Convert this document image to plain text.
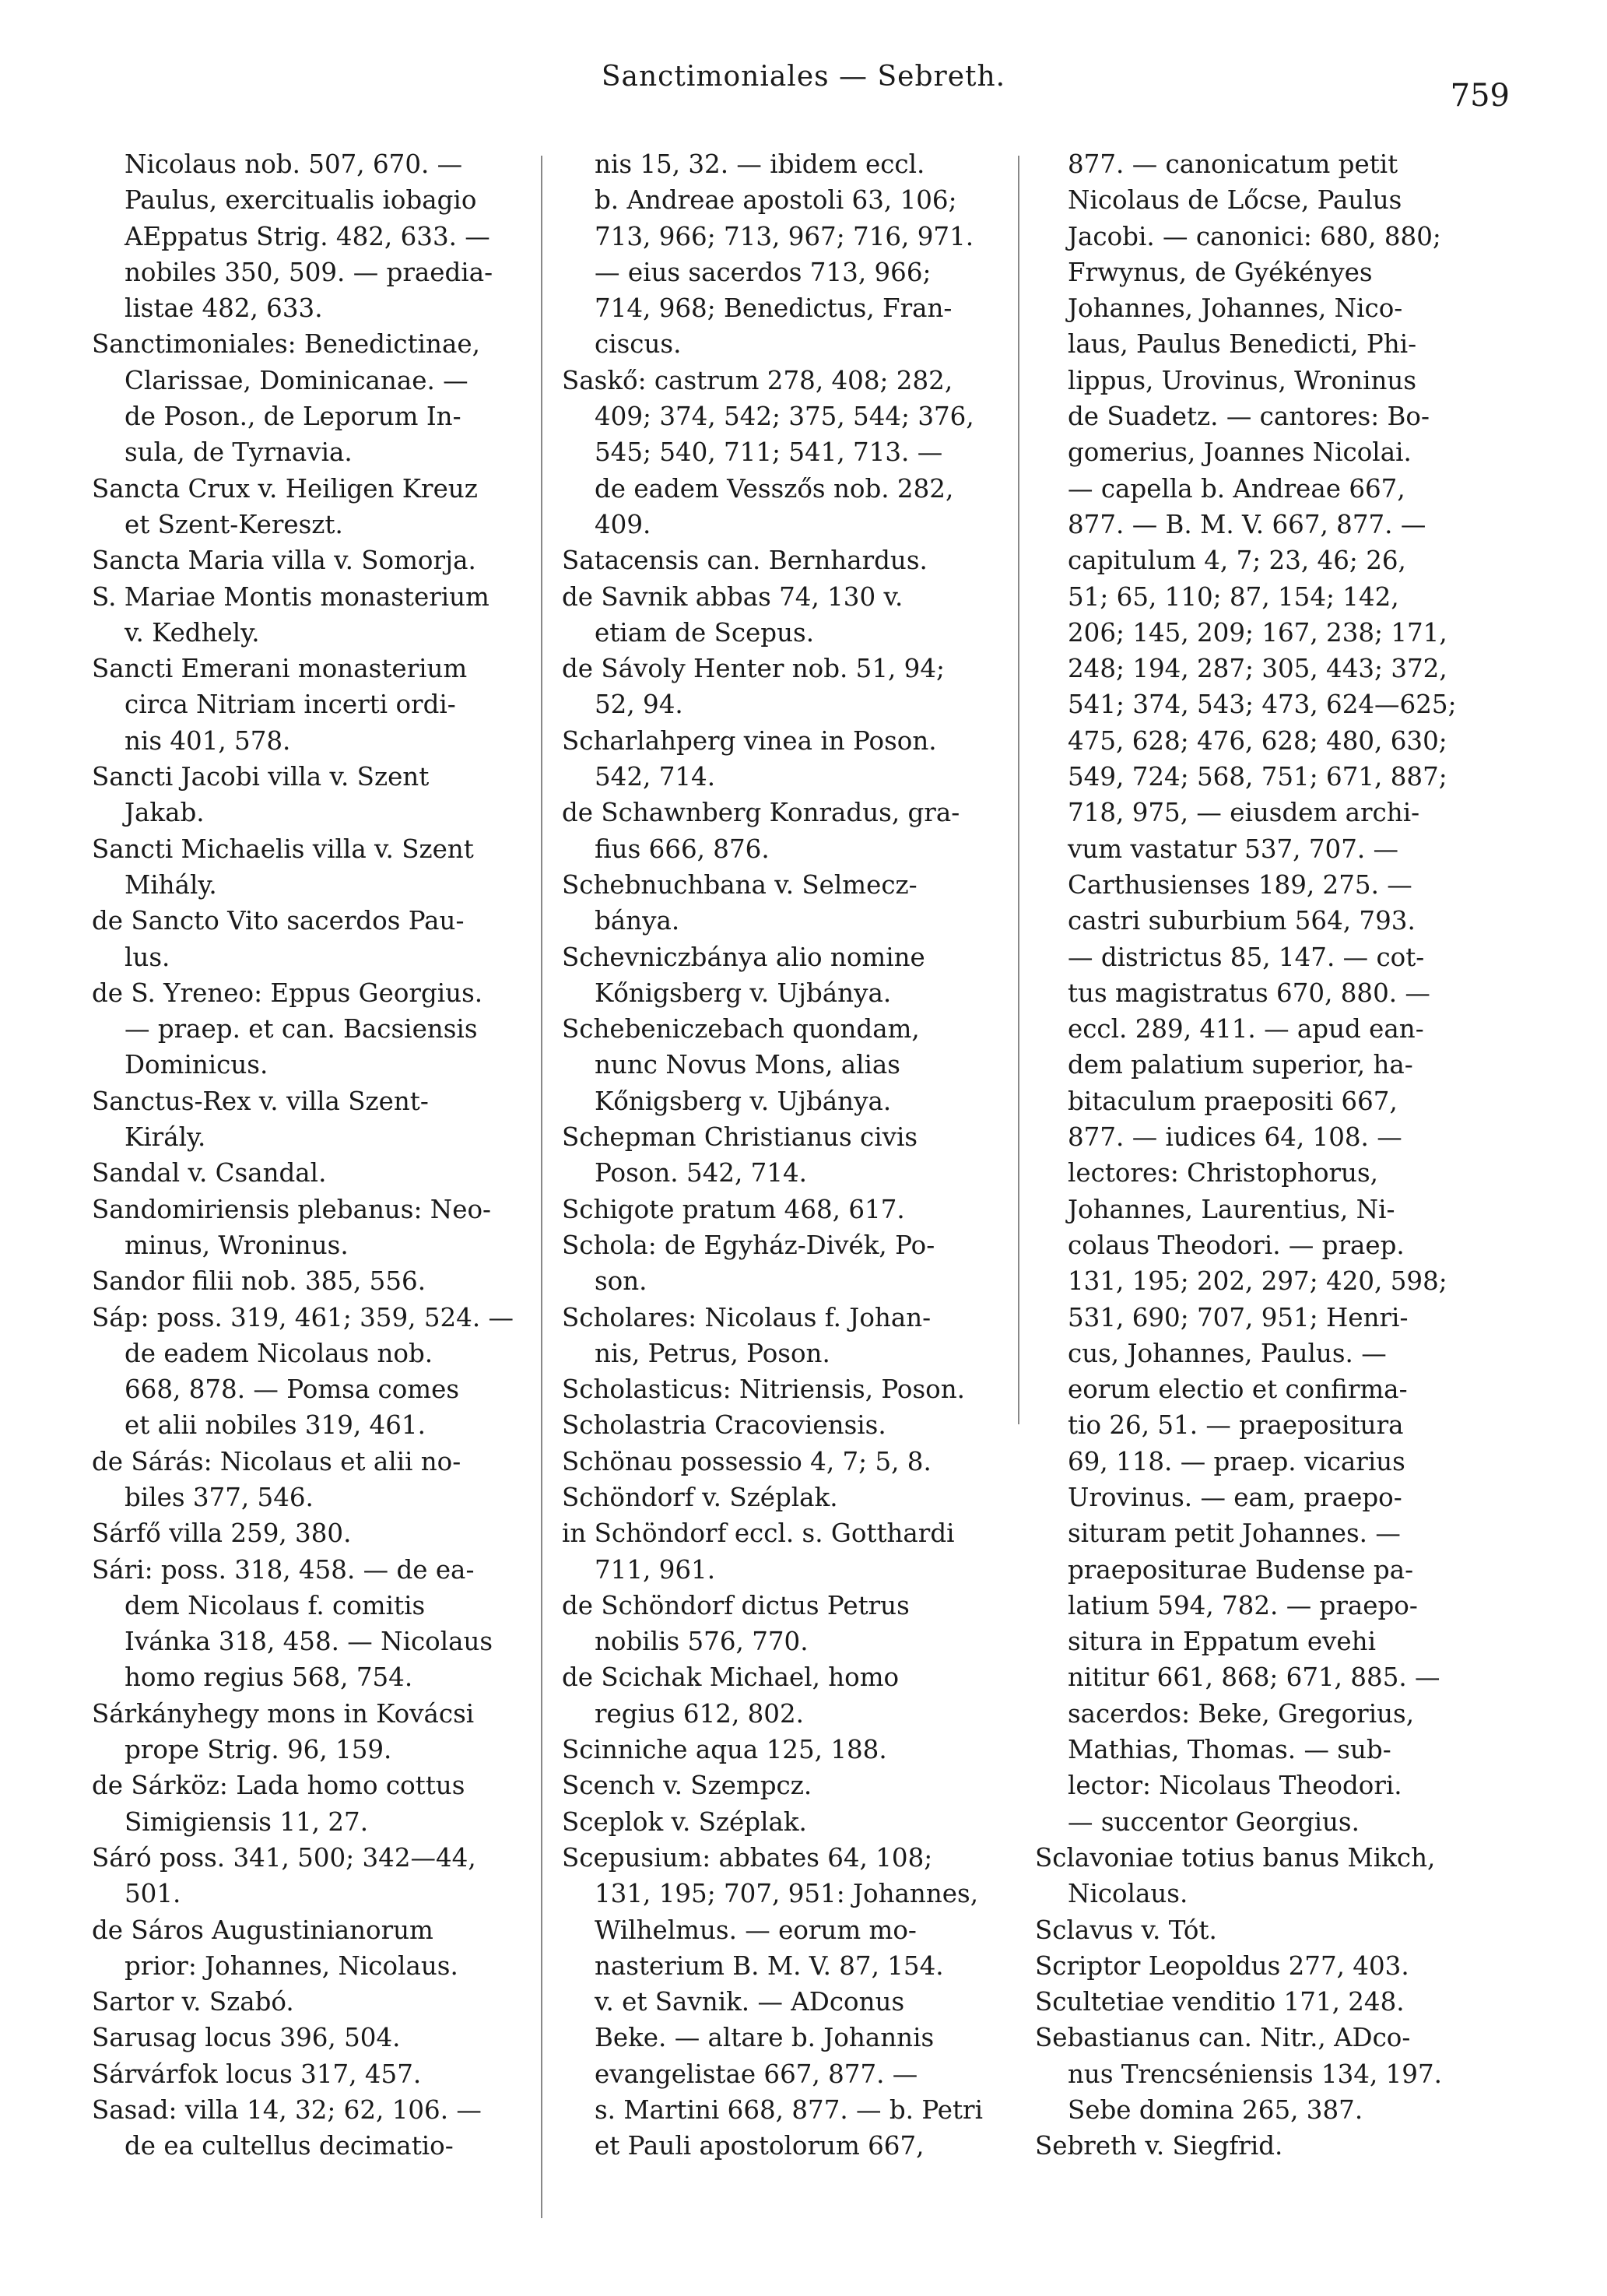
Sanctimoniales — Sebreth.
759
Nicolaus nob. 507, 670. —
Paulus, exercitualis iobagio
AEppatus Strig. 482, 633. —
nobiles 350, 509. — praedia-
listae 482, 633.
Sanctimoniales: Benedictinae,
Clarissae, Dominicanae. —
de Poson., de Leporum In-
sula, de Tyrnavia.
Sancta Crux v. Heiligen Kreuz
et Szent-Kereszt.
Sancta Maria villa v. Somorja.
S. Mariae Montis monasterium
v. Kedhely.
Sancti Emerani monasterium
circa Nitriam incerti ordi-
nis 401, 578.
Sancti Jacobi villa v. Szent
Jakab.
Sancti Michaelis villa v. Szent
Mihály.
de Sancto Vito sacerdos Pau-
lus.
de S. Yreneo: Eppus Georgius.
— praep. et can. Bacsiensis
Dominicus.
Sanctus-Rex v. villa Szent-
Király.
Sandal v. Csandal.
Sandomiriensis plebanus: Neo-
minus, Wroninus.
Sandor filii nob. 385, 556.
Sáp: poss. 319, 461; 359, 524. —
de eadem Nicolaus nob.
668, 878. — Pomsa comes
et alii nobiles 319, 461.
de Sárás: Nicolaus et alii no-
biles 377, 546.
Sárfő villa 259, 380.
Sári: poss. 318, 458. — de ea-
dem Nicolaus f. comitis
Ivánka 318, 458. — Nicolaus
homo regius 568, 754.
Sárkányhegy mons in Kovácsi
prope Strig. 96, 159.
de Sárköz: Lada homo cottus
Simigiensis 11, 27.
Sáró poss. 341, 500; 342—44,
501.
de Sáros Augustinianorum
prior: Johannes, Nicolaus.
Sartor v. Szabó.
Sarusag locus 396, 504.
Sárvárfok locus 317, 457.
Sasad: villa 14, 32; 62, 106. —
de ea cultellus decimatio-
nis 15, 32. — ibidem eccl.
b. Andreae apostoli 63, 106;
713, 966; 713, 967; 716, 971.
— eius sacerdos 713, 966;
714, 968; Benedictus, Fran-
ciscus.
Saskő: castrum 278, 408; 282,
409; 374, 542; 375, 544; 376,
545; 540, 711; 541, 713. —
de eadem Vesszős nob. 282,
409.
Satacensis can. Bernhardus.
de Savnik abbas 74, 130 v.
etiam de Scepus.
de Sávoly Henter nob. 51, 94;
52, 94.
Scharlahperg vinea in Poson.
542, 714.
de Schawnberg Konradus, gra-
fius 666, 876.
Schebnuchbana v. Selmecz-
bánya.
Schevniczbánya alio nomine
Kőnigsberg v. Ujbánya.
Schebeniczebach quondam,
nunc Novus Mons, alias
Kőnigsberg v. Ujbánya.
Schepman Christianus civis
Poson. 542, 714.
Schigote pratum 468, 617.
Schola: de Egyház-Divék, Po-
son.
Scholares: Nicolaus f. Johan-
nis, Petrus, Poson.
Scholasticus: Nitriensis, Poson.
Scholastria Cracoviensis.
Schönau possessio 4, 7; 5, 8.
Schöndorf v. Széplak.
in Schöndorf eccl. s. Gotthardi
711, 961.
de Schöndorf dictus Petrus
nobilis 576, 770.
de Scichak Michael, homo
regius 612, 802.
Scinniche aqua 125, 188.
Scench v. Szempcz.
Sceplok v. Széplak.
Scepusium: abbates 64, 108;
131, 195; 707, 951: Johannes,
Wilhelmus. — eorum mo-
nasterium B. M. V. 87, 154.
v. et Savnik. — ADconus
Beke. — altare b. Johannis
evangelistae 667, 877. —
s. Martini 668, 877. — b. Petri
et Pauli apostolorum 667,
877. — canonicatum petit
Nicolaus de Lőcse, Paulus
Jacobi. — canonici: 680, 880;
Frwynus, de Gyékényes
Johannes, Johannes, Nico-
laus, Paulus Benedicti, Phi-
lippus, Urovinus, Wroninus
de Suadetz. — cantores: Bo-
gomerius, Joannes Nicolai.
— capella b. Andreae 667,
877. — B. M. V. 667, 877. —
capitulum 4, 7; 23, 46; 26,
51; 65, 110; 87, 154; 142,
206; 145, 209; 167, 238; 171,
248; 194, 287; 305, 443; 372,
541; 374, 543; 473, 624—625;
475, 628; 476, 628; 480, 630;
549, 724; 568, 751; 671, 887;
718, 975, — eiusdem archi-
vum vastatur 537, 707. —
Carthusienses 189, 275. —
castri suburbium 564, 793.
— districtus 85, 147. — cot-
tus magistratus 670, 880. —
eccl. 289, 411. — apud ean-
dem palatium superior, ha-
bitaculum praepositi 667,
877. — iudices 64, 108. —
lectores: Christophorus,
Johannes, Laurentius, Ni-
colaus Theodori. — praep.
131, 195; 202, 297; 420, 598;
531, 690; 707, 951; Henri-
cus, Johannes, Paulus. —
eorum electio et confirma-
tio 26, 51. — praepositura
69, 118. — praep. vicarius
Urovinus. — eam, praepo-
situram petit Johannes. —
praepositurae Budense pa-
latium 594, 782. — praepo-
situra in Eppatum evehi
nititur 661, 868; 671, 885. —
sacerdos: Beke, Gregorius,
Mathias, Thomas. — sub-
lector: Nicolaus Theodori.
— succentor Georgius.
Sclavoniae totius banus Mikch,
Nicolaus.
Sclavus v. Tót.
Scriptor Leopoldus 277, 403.
Scultetiae venditio 171, 248.
Sebastianus can. Nitr., ADco-
nus Trencséniensis 134, 197.
Sebe domina 265, 387.
Sebreth v. Siegfrid.
